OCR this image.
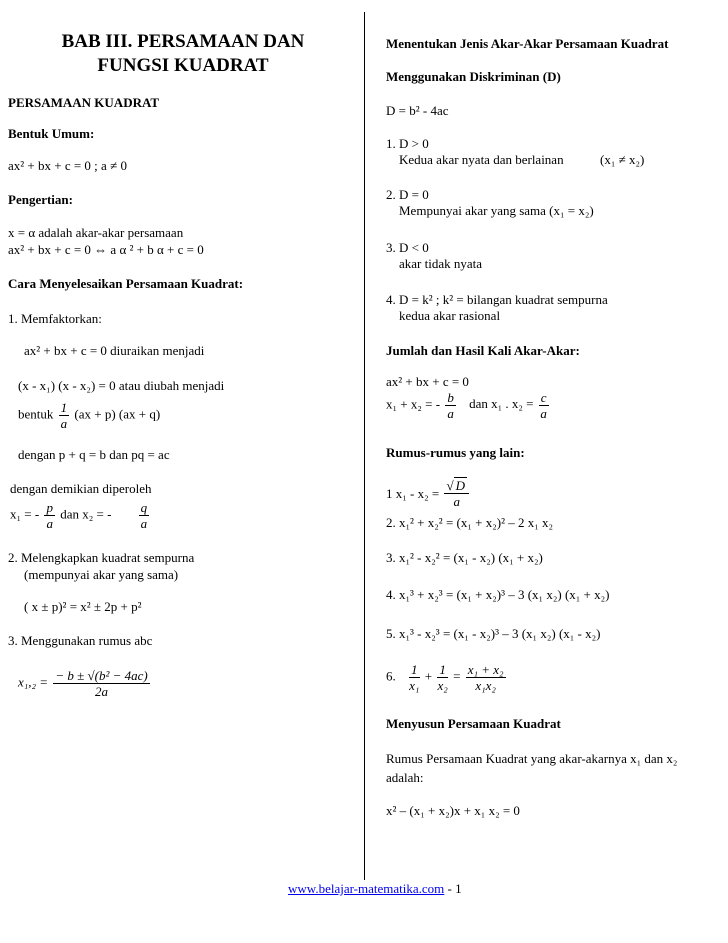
BAB III. PERSAMAAN DAN
FUNGSI KUADRAT
PERSAMAAN KUADRAT
Bentuk Umum:
ax² + bx + c = 0 ; a ≠ 0
Pengertian:
x = α adalah akar-akar persamaan
ax² + bx + c = 0 ⇔ a α ² + b α + c = 0
Cara Menyelesaikan Persamaan Kuadrat:
1. Memfaktorkan:
ax² + bx + c = 0 diuraikan menjadi
(x - x₁) (x - x₂) = 0 atau diubah menjadi
bentuk $\frac{1}{a} (ax + p) (ax + q)$
dengan p + q = b dan pq = ac
dengan demikian diperoleh
x₁ = - $\frac{p}{a}$ dan x₂ = - $\frac{q}{a}$
2. Melengkapkan kuadrat sempurna
(mempunyai akar yang sama)
( x ± p)² = x² ± 2p + p²
3. Menggunakan rumus abc
$x_1,_2 = \frac{\text{− b ± √(b² − 4ac)}}{2a}$
Menentukan Jenis Akar-Akar Persamaan Kuadrat
Menggunakan Diskriminan (D)
D = b² - 4ac
1. D > 0
Kedua akar nyata dan berlainan	(x₁ ≠ x₂)
2. D = 0
Mempunyai akar yang sama (x₁ = x₂)
3. D < 0
akar tidak nyata
4. D = k² ; k² = bilangan kuadrat sempurna
kedua akar rasional
Jumlah dan Hasil Kali Akar-Akar:
ax² + bx + c = 0
x₁ + x₂ = - $\frac{b}{a}$ dan x₁ . $x_2 = \frac{c}{a}$
Rumus-rumus yang lain:
1 $x_1 - x_2 = \frac{√ D}{a}$
2. x₁² + x₂² = (x₁ + x₂)² – 2 x₁ x₂
3. x₁² - x₂² = (x₁ - x₂) (x₁ + x₂)
4. x₁³ + x₂³ = (x₁ + x₂)³ – 3 (x₁ x₂) (x₁ + x₂)
5. x₁³ - x₂³ = (x₁ - x₂)³ – 3 (x₁ x₂) (x₁ - x₂)
6. $\frac{1}{\text{x₁}} + \frac{1}{\text{x₂}} = \frac{\text{x₁ + x₂}}{\text{x₁x₂}}$
Menyusun Persamaan Kuadrat
Rumus Persamaan Kuadrat yang akar-akarnya x₁ dan x₂
adalah:
x² – (x₁ + x₂)x + x₁ x₂ = 0
www.belajar-matematika.com - 1
